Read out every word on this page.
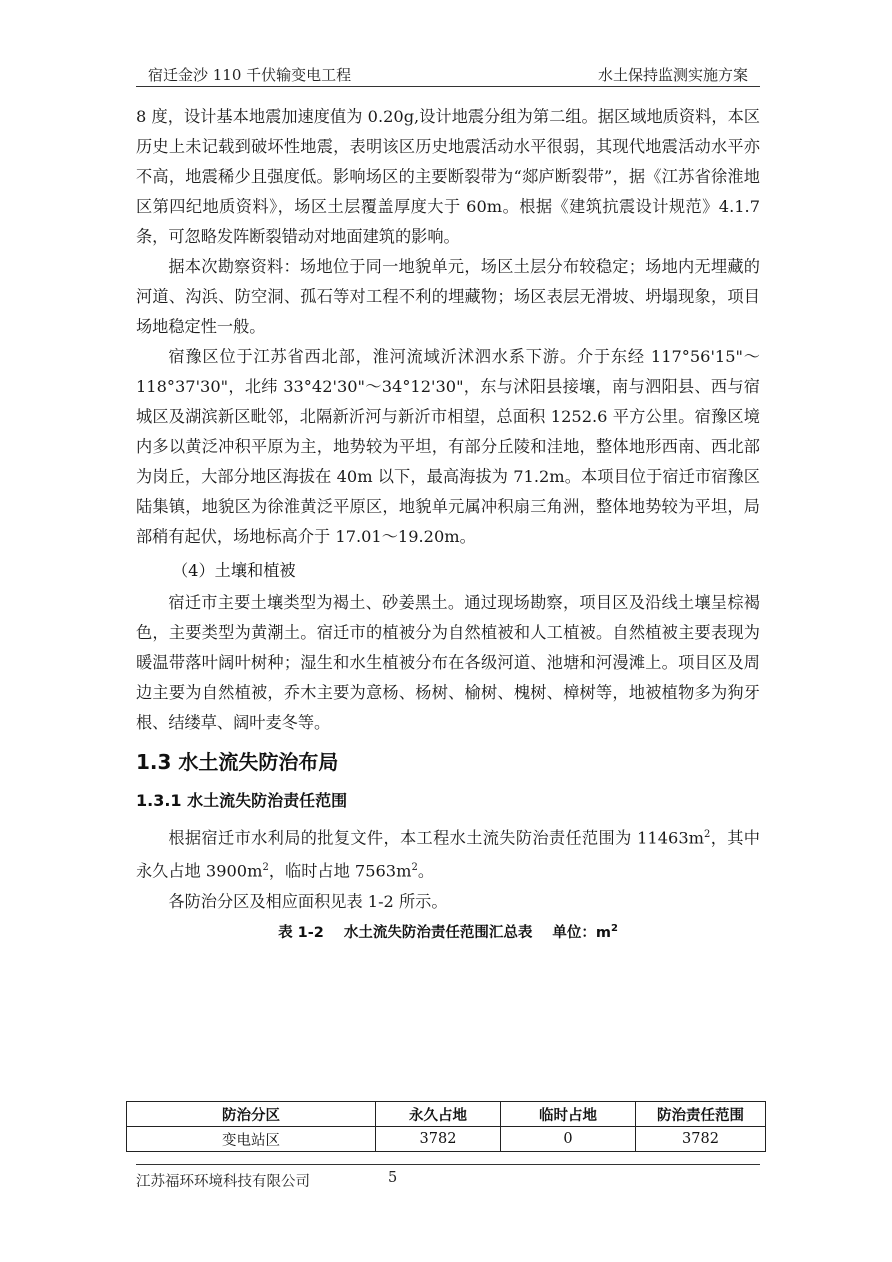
宿迁金沙 110 千伏输变电工程	水土保持监测实施方案

8 度，设计基本地震加速度值为 0.20g,设计地震分组为第二组。据区域地质资料，本区历史上未记载到破坏性地震，表明该区历史地震活动水平很弱，其现代地震活动水平亦不高，地震稀少且强度低。影响场区的主要断裂带为“郯庐断裂带”，据《江苏省徐淮地区第四纪地质资料》，场区土层覆盖厚度大于 60m。根据《建筑抗震设计规范》4.1.7 条，可忽略发阵断裂错动对地面建筑的影响。

据本次勘察资料：场地位于同一地貌单元，场区土层分布较稳定；场地内无埋藏的河道、沟浜、防空洞、孤石等对工程不利的埋藏物；场区表层无滑坡、坍塌现象，项目场地稳定性一般。

宿豫区位于江苏省西北部，淮河流域沂沭泗水系下游。介于东经 117°56'15"～118°37'30"，北纬 33°42'30"～34°12'30"，东与沭阳县接壤，南与泗阳县、西与宿城区及湖滨新区毗邻，北隔新沂河与新沂市相望，总面积 1252.6 平方公里。宿豫区境内多以黄泛冲积平原为主，地势较为平坦，有部分丘陵和洼地，整体地形西南、西北部为岗丘，大部分地区海拔在 40m 以下，最高海拔为 71.2m。本项目位于宿迁市宿豫区陆集镇，地貌区为徐淮黄泛平原区，地貌单元属冲积扇三角洲，整体地势较为平坦，局部稍有起伏，场地标高介于 17.01～19.20m。

（4）土壤和植被

宿迁市主要土壤类型为褐土、砂姜黑土。通过现场勘察，项目区及沿线土壤呈棕褐色，主要类型为黄潮土。宿迁市的植被分为自然植被和人工植被。自然植被主要表现为暖温带落叶阔叶树种；湿生和水生植被分布在各级河道、池塘和河漫滩上。项目区及周边主要为自然植被，乔木主要为意杨、杨树、榆树、槐树、樟树等，地被植物多为狗牙根、结缕草、阔叶麦冬等。

1.3 水土流失防治布局
1.3.1 水土流失防治责任范围

根据宿迁市水利局的批复文件，本工程水土流失防治责任范围为 $11463m^2$，其中永久占地 $3900m^2$，临时占地 $7563m^2$。

各防治分区及相应面积见表 1-2 所示。

表 1-2 水土流失防治责任范围汇总表 单位：$m^2$
防治分区	永久占地	临时占地	防治责任范围
变电站区	3782	0	3782
江苏福环环境科技有限公司	5
